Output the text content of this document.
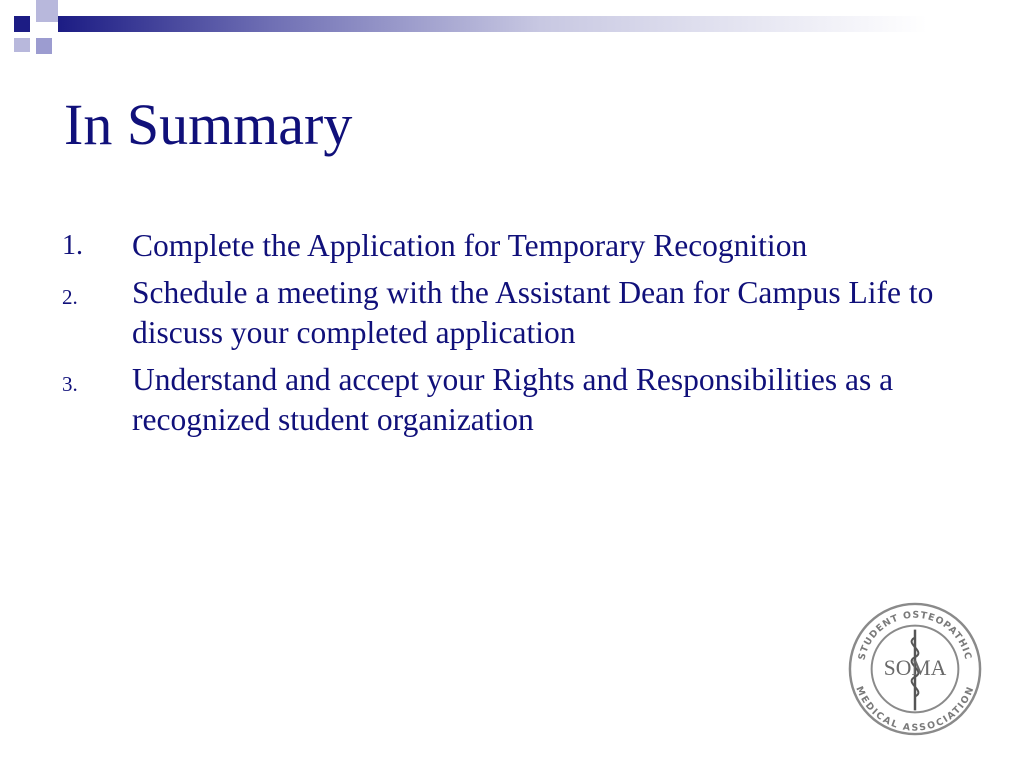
In Summary
1. Complete the Application for Temporary Recognition
2. Schedule a meeting with the Assistant Dean for Campus Life to discuss your completed application
3. Understand and accept your Rights and Responsibilities as a recognized student organization
STUDENT OSTEOPATHIC
MEDICAL ASSOCIATION
SOMA
